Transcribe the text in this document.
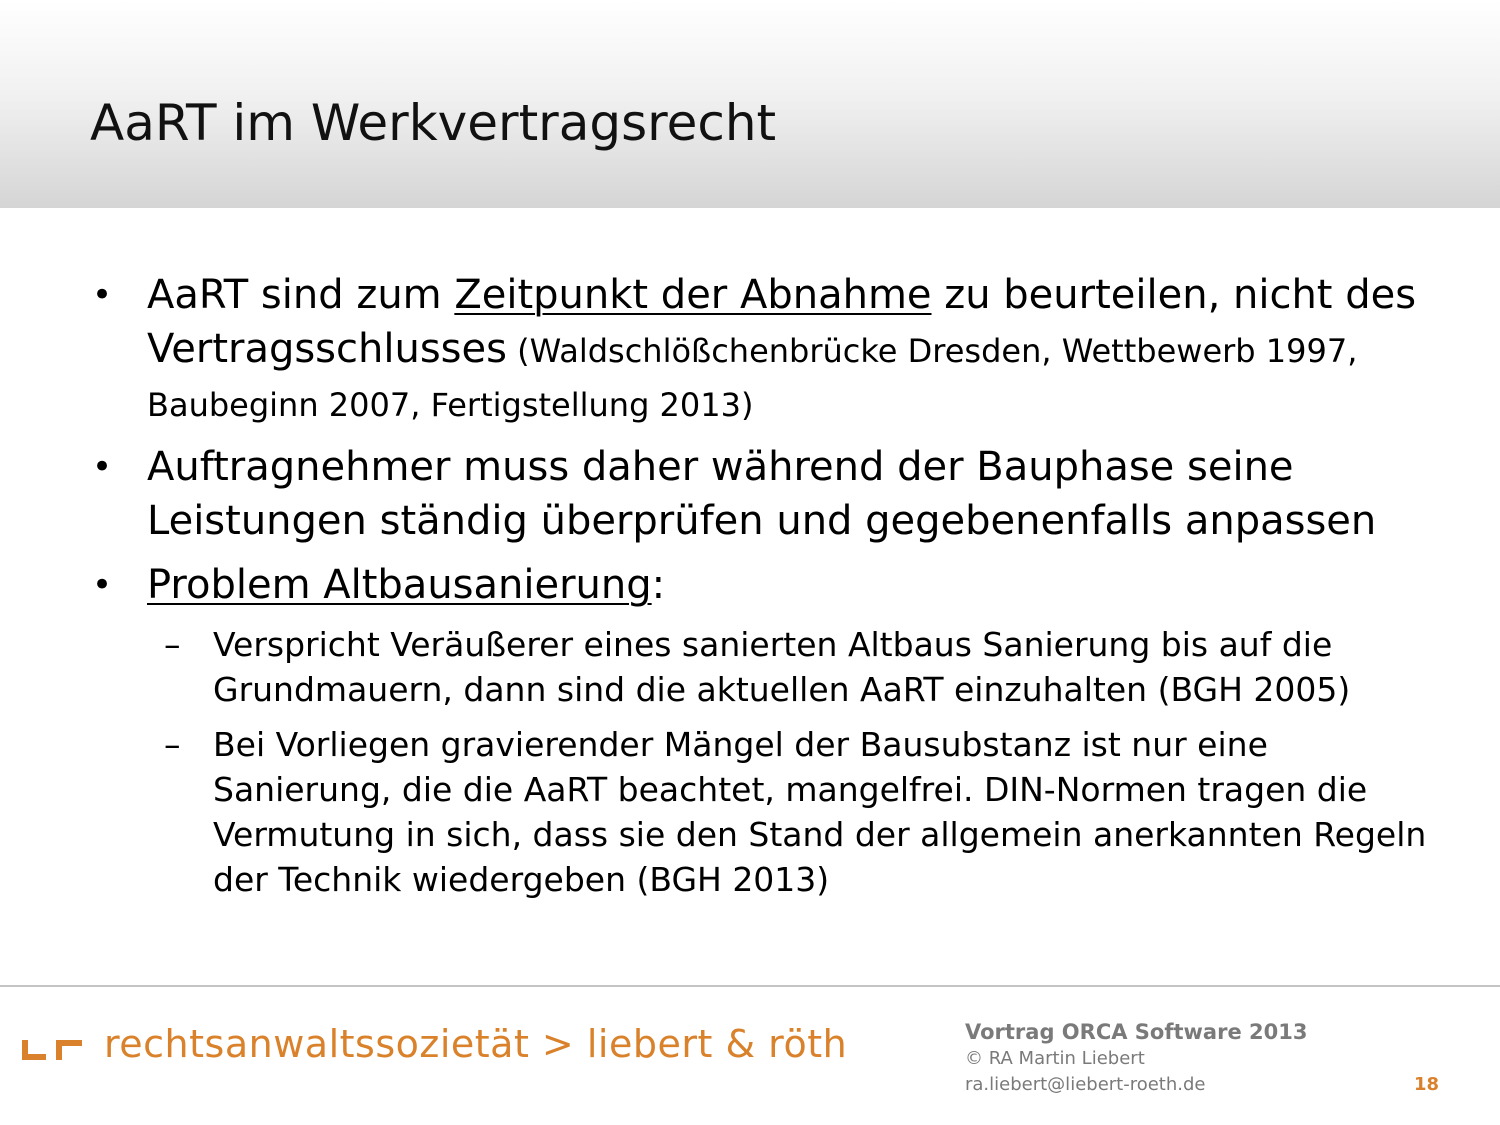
AaRT im Werkvertragsrecht
• AaRT sind zum Zeitpunkt der Abnahme zu beurteilen, nicht des Vertragsschlusses (Waldschlößchenbrücke Dresden, Wettbewerb 1997, Baubeginn 2007, Fertigstellung 2013)
• Auftragnehmer muss daher während der Bauphase seine Leistungen ständig überprüfen und gegebenenfalls anpassen
• Problem Altbausanierung:
– Verspricht Veräußerer eines sanierten Altbaus Sanierung bis auf die Grundmauern, dann sind die aktuellen AaRT einzuhalten (BGH 2005)
– Bei Vorliegen gravierender Mängel der Bausubstanz ist nur eine Sanierung, die die AaRT beachtet, mangelfrei. DIN-Normen tragen die Vermutung in sich, dass sie den Stand der allgemein anerkannten Regeln der Technik wiedergeben (BGH 2013)
rechtsanwaltssozietät > liebert & röth	Vortrag ORCA Software 2013
© RA Martin Liebert
ra.liebert@liebert-roeth.de	18
